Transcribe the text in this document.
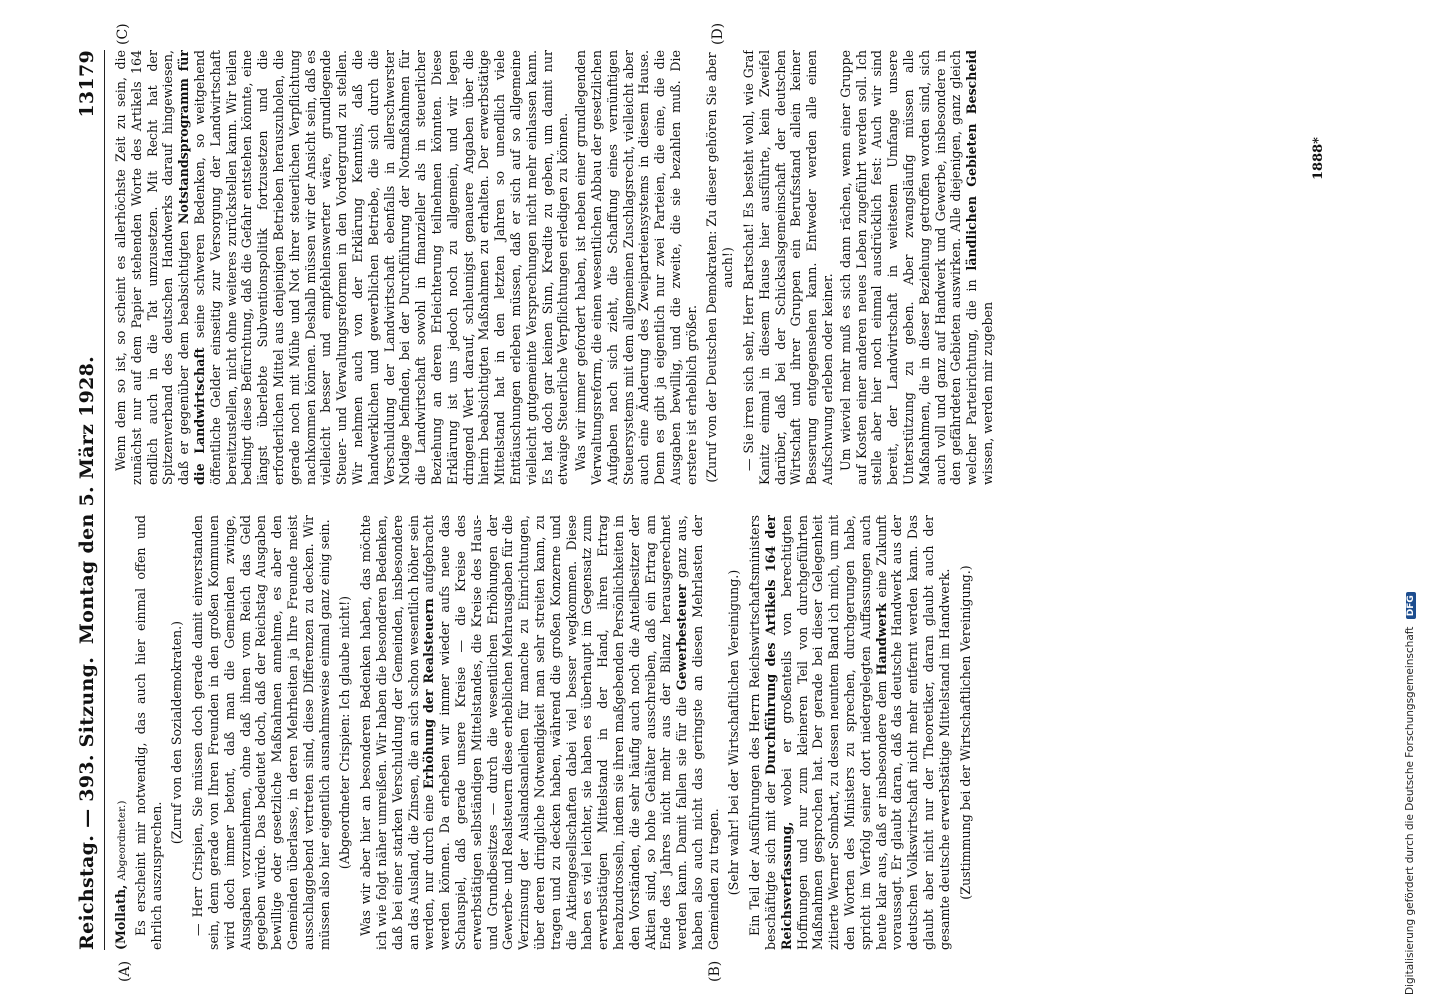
Reichstag. — 393. Sitzung.
Montag den 5. März 1928.
13179
(A)	(B)
(C)	(D)

(Mollath, Abgeordneter.) Es erscheint mir notwendig, das auch hier einmal offen und ehrlich auszusprechen.

(Zuruf von den Sozialdemokraten.) — Herr Crispien, Sie müssen doch gerade damit einverstanden sein, denn gerade von Ihren Freunden in den großen Kommunen wird doch immer betont, daß man die Gemeinden zwinge, Ausgaben vorzunehmen, ohne daß ihnen vom Reich das Geld gegeben würde. Das bedeutet doch, daß der Reichstag Ausgaben bewillige oder gesetzliche Maßnahmen annehme, es aber den Gemeinden überlasse, in deren Mehrheiten ja Ihre Freunde meist ausschlaggebend vertreten sind, diese Differenzen zu decken. Wir müssen also hier eigentlich ausnahmsweise einmal ganz einig sein. (Abgeordneter Crispien: Ich glaube nicht!) Was wir aber hier an besonderen Bedenken haben, das möchte ich wie folgt näher umreißen. Wir haben die besonderen Bedenken, daß bei einer starken Verschuldung der Gemeinden, insbesondere an das Ausland, die Zinsen, die an sich schon wesentlich höher sein werden, nur durch eine Erhöhung der Realsteuern aufgebracht werden können. Da erheben wir immer wieder aufs neue das Schauspiel, daß gerade unsere Kreise — die Kreise des erwerbstätigen selbständigen Mittelstandes, die Kreise des Haus- und Grundbesitzes — durch die wesentlichen Erhöhungen der Gewerbe- und Realsteuern diese erheblichen Mehrausgaben für die Verzinsung der Auslandsanleihen für manche zu Einrichtungen, über deren dringliche Notwendigkeit man sehr streiten kann, zu tragen und zu decken haben, während die großen Konzerne und die Aktiengesellschaften dabei viel besser wegkommen. Diese haben es viel leichter, sie haben es überhaupt im Gegensatz zum erwerbstätigen Mittelstand in der Hand, ihren Ertrag herabzudrosseln, indem sie ihren maßgebenden Persönlichkeiten in den Vorständen, die sehr häufig auch noch die Anteilbesitzer der Aktien sind, so hohe Gehälter ausschreiben, daß ein Ertrag am Ende des Jahres nicht mehr aus der Bilanz herausgerechnet werden kann. Damit fallen sie für die Gewerbesteuer ganz aus, haben also auch nicht das geringste an diesen Mehrlasten der Gemeinden zu tragen. (Sehr wahr! bei der Wirtschaftlichen Vereinigung.) Ein Teil der Ausführungen des Herrn Reichswirtschaftsministers beschäftigte sich mit der Durchführung des Artikels 164 der Reichsverfassung, wobei er großenteils von berechtigten Hoffnungen und nur zum kleineren Teil von durchgeführten Maßnahmen gesprochen hat. Der gerade bei dieser Gelegenheit zitierte Werner Sombart, zu dessen neuntem Band ich mich, um mit den Worten des Ministers zu sprechen, durchgerungen habe, spricht im Verfolg seiner dort niedergelegten Auffassungen auch heute klar aus, daß er insbesondere dem Handwerk eine Zukunft voraussagt. Er glaubt daran, daß das deutsche Handwerk aus der deutschen Volkswirtschaft nicht mehr entfernt werden kann. Das glaubt aber nicht nur der Theoretiker, daran glaubt auch der gesamte deutsche erwerbstätige Mittelstand im Handwerk. (Zustimmung bei der Wirtschaftlichen Vereinigung.)

Wenn dem so ist, so scheint es allerhöchste Zeit zu sein, die zunächst nur auf dem Papier stehenden Worte des Artikels 164 endlich auch in die Tat umzusetzen. Mit Recht hat der Spitzenverband des deutschen Handwerks darauf hingewiesen, daß er gegenüber dem beabsichtigten Notstandsprogramm für die Landwirtschaft seine schweren Bedenken, so weitgehend öffentliche Gelder einseitig zur Versorgung der Landwirtschaft bereitzustellen, nicht ohne weiteres zurückstellen kann. Wir teilen bedingt diese Befürchtung, daß die Gefahr entstehen könnte, eine längst überlebte Subventionspolitik fortzusetzen und die erforderlichen Mittel aus denjenigen Betrieben herauszuholen, die gerade noch mit Mühe und Not ihrer steuerlichen Verpflichtung nachkommen können. Deshalb müssen wir der Ansicht sein, daß es vielleicht besser und empfehlenswerter wäre, grundlegende Steuer- und Verwaltungsreformen in den Vordergrund zu stellen. Wir nehmen auch von der Erklärung Kenntnis, daß die handwerklichen und gewerblichen Betriebe, die sich durch die Verschuldung der Landwirtschaft ebenfalls in allerschwerster Notlage befinden, bei der Durchführung der Notmaßnahmen für die Landwirtschaft sowohl in finanzieller als in steuerlicher Beziehung an deren Erleichterung teilnehmen könnten. Diese Erklärung ist uns jedoch noch zu allgemein, und wir legen dringend Wert darauf, schleunigst genauere Angaben über die hierin beabsichtigten Maßnahmen zu erhalten. Der erwerbstätige Mittelstand hat in den letzten Jahren so unendlich viele Enttäuschungen erleben müssen, daß er sich auf so allgemeine vielleicht gutgemeinte Versprechungen nicht mehr einlassen kann. Es hat doch gar keinen Sinn, Kredite zu geben, um damit nur etwaige Steuerliche Verpflichtungen erledigen zu können. Was wir immer gefordert haben, ist neben einer grundlegenden Verwaltungsreform, die einen wesentlichen Abbau der gesetzlichen Aufgaben nach sich zieht, die Schaffung eines vernünftigen Steuersystems mit dem allgemeinen Zuschlagsrecht, vielleicht aber auch eine Änderung des Zweiparteiensystems in diesem Hause. Denn es gibt ja eigentlich nur zwei Parteien, die eine, die die Ausgaben bewillig, und die zweite, die sie bezahlen muß. Die erstere ist erheblich größer. (Zuruf von der Deutschen Demokraten: Zu dieser gehören Sie aber auch!) — Sie irren sich sehr, Herr Bartschat! Es besteht wohl, wie Graf Kanitz einmal in diesem Hause hier ausführte, kein Zweifel darüber, daß bei der Schicksalsgemeinschaft der deutschen Wirtschaft und ihrer Gruppen ein Berufsstand allein keiner Besserung entgegensehen kann. Entweder werden alle einen Aufschwung erleben oder keiner. Um wieviel mehr muß es sich dann rächen, wenn einer Gruppe auf Kosten einer anderen neues Leben zugeführt werden soll. Ich stelle aber hier noch einmal ausdrücklich fest: Auch wir sind bereit, der Landwirtschaft in weitestem Umfange unsere Unterstützung zu geben. Aber zwangsläufig müssen alle Maßnahmen, die in dieser Beziehung getroffen worden sind, sich auch voll und ganz auf Handwerk und Gewerbe, insbesondere in den gefährdeten Gebieten auswirken. Alle diejenigen, ganz gleich welcher Parteirichtung, die in ländlichen Gebieten Bescheid wissen, werden mir zugeben

1888*
Digitalisierung gefördert durch die Deutsche Forschungsgemeinschaft DFG
